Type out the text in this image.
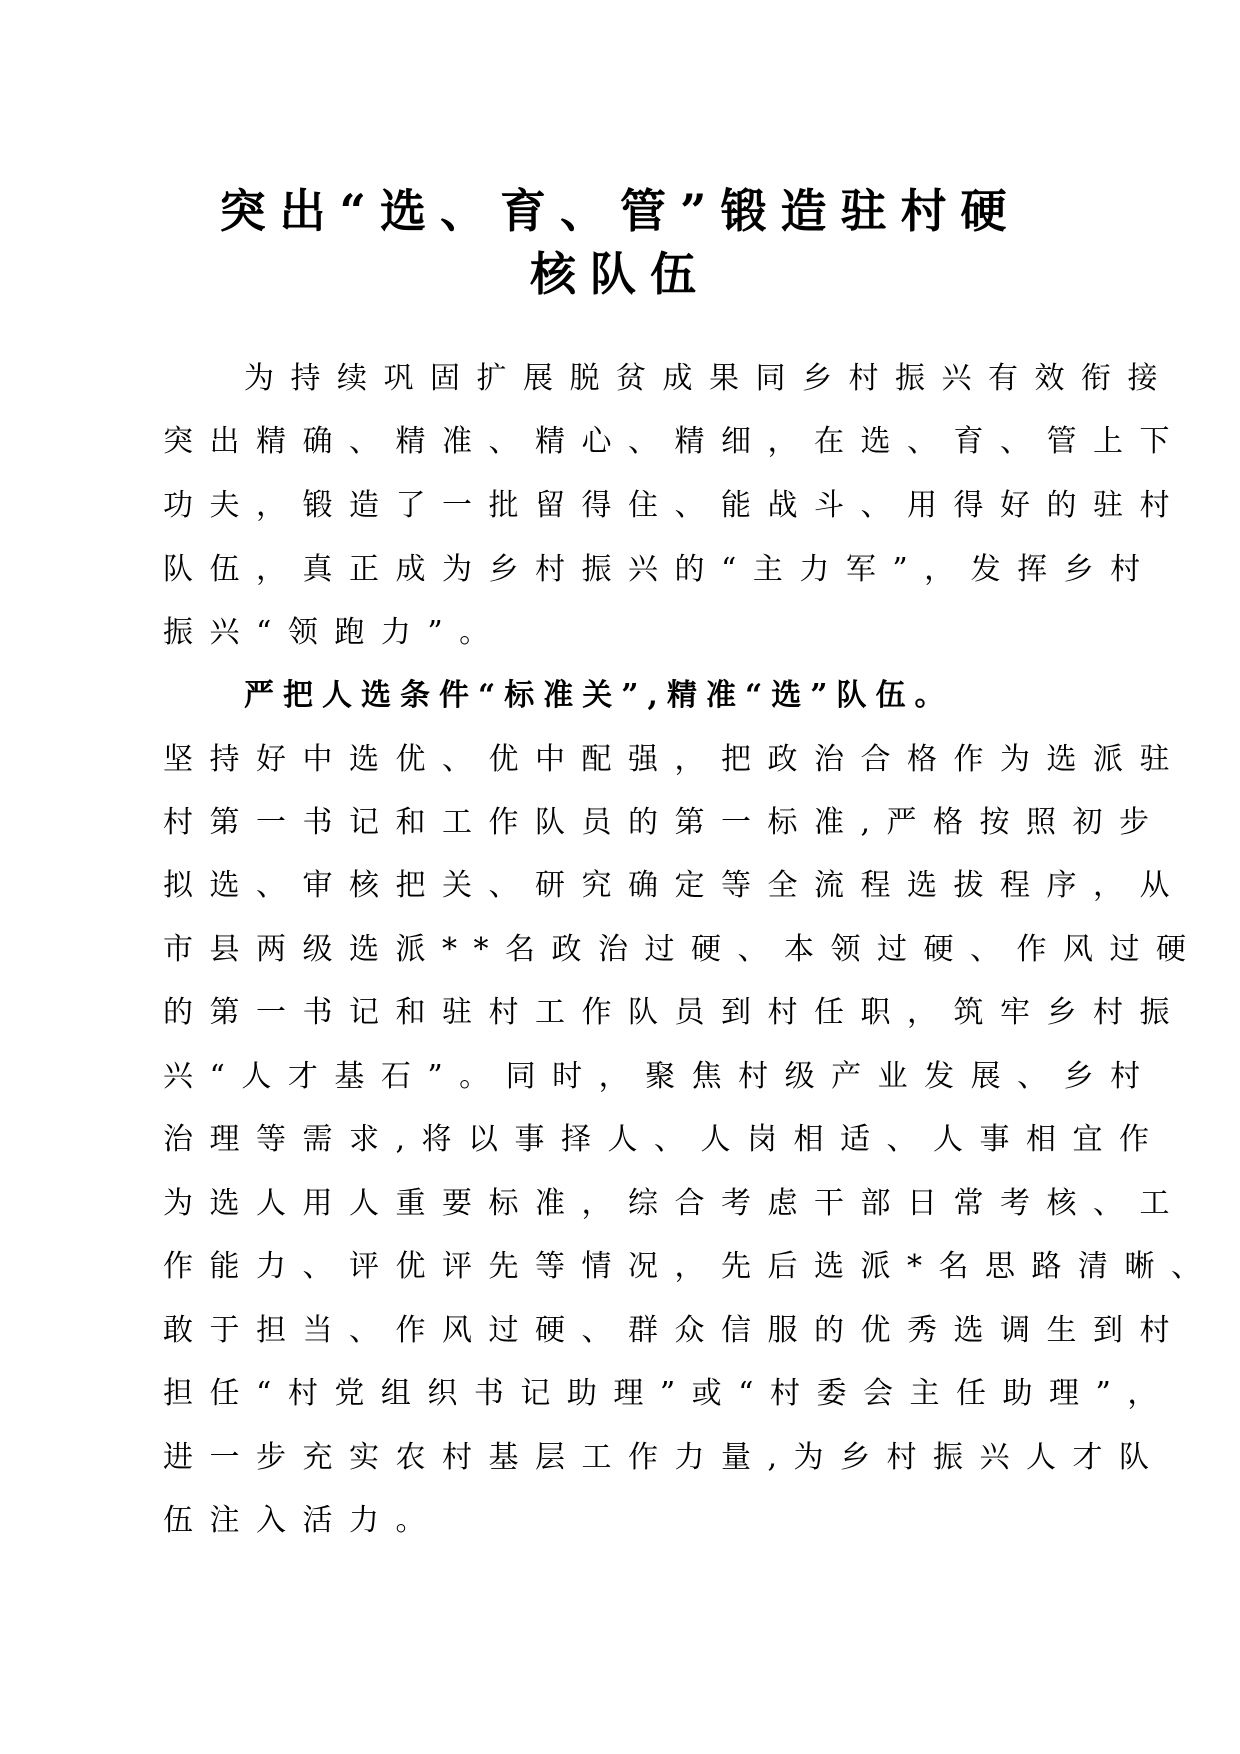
突出“选、育、管”锻造驻村硬
核队伍
为持续巩固扩展脱贫成果同乡村振兴有效衔接
突出精确、精准、精心、精细，在选、育、管上下
功夫，锻造了一批留得住、能战斗、用得好的驻村
队伍，真正成为乡村振兴的“主力军”，发挥乡村
振兴“领跑力”。
严把人选条件“标准关”,精准“选”队伍。
坚持好中选优、优中配强，把政治合格作为选派驻
村第一书记和工作队员的第一标准,严格按照初步
拟选、审核把关、研究确定等全流程选拔程序，从
市县两级选派**名政治过硬、本领过硬、作风过硬
的第一书记和驻村工作队员到村任职，筑牢乡村振
兴“人才基石”。同时，聚焦村级产业发展、乡村
治理等需求,将以事择人、人岗相适、人事相宜作
为选人用人重要标准，综合考虑干部日常考核、工
作能力、评优评先等情况，先后选派*名思路清晰、
敢于担当、作风过硬、群众信服的优秀选调生到村
担任“村党组织书记助理”或“村委会主任助理”，
进一步充实农村基层工作力量,为乡村振兴人才队
伍注入活力。
